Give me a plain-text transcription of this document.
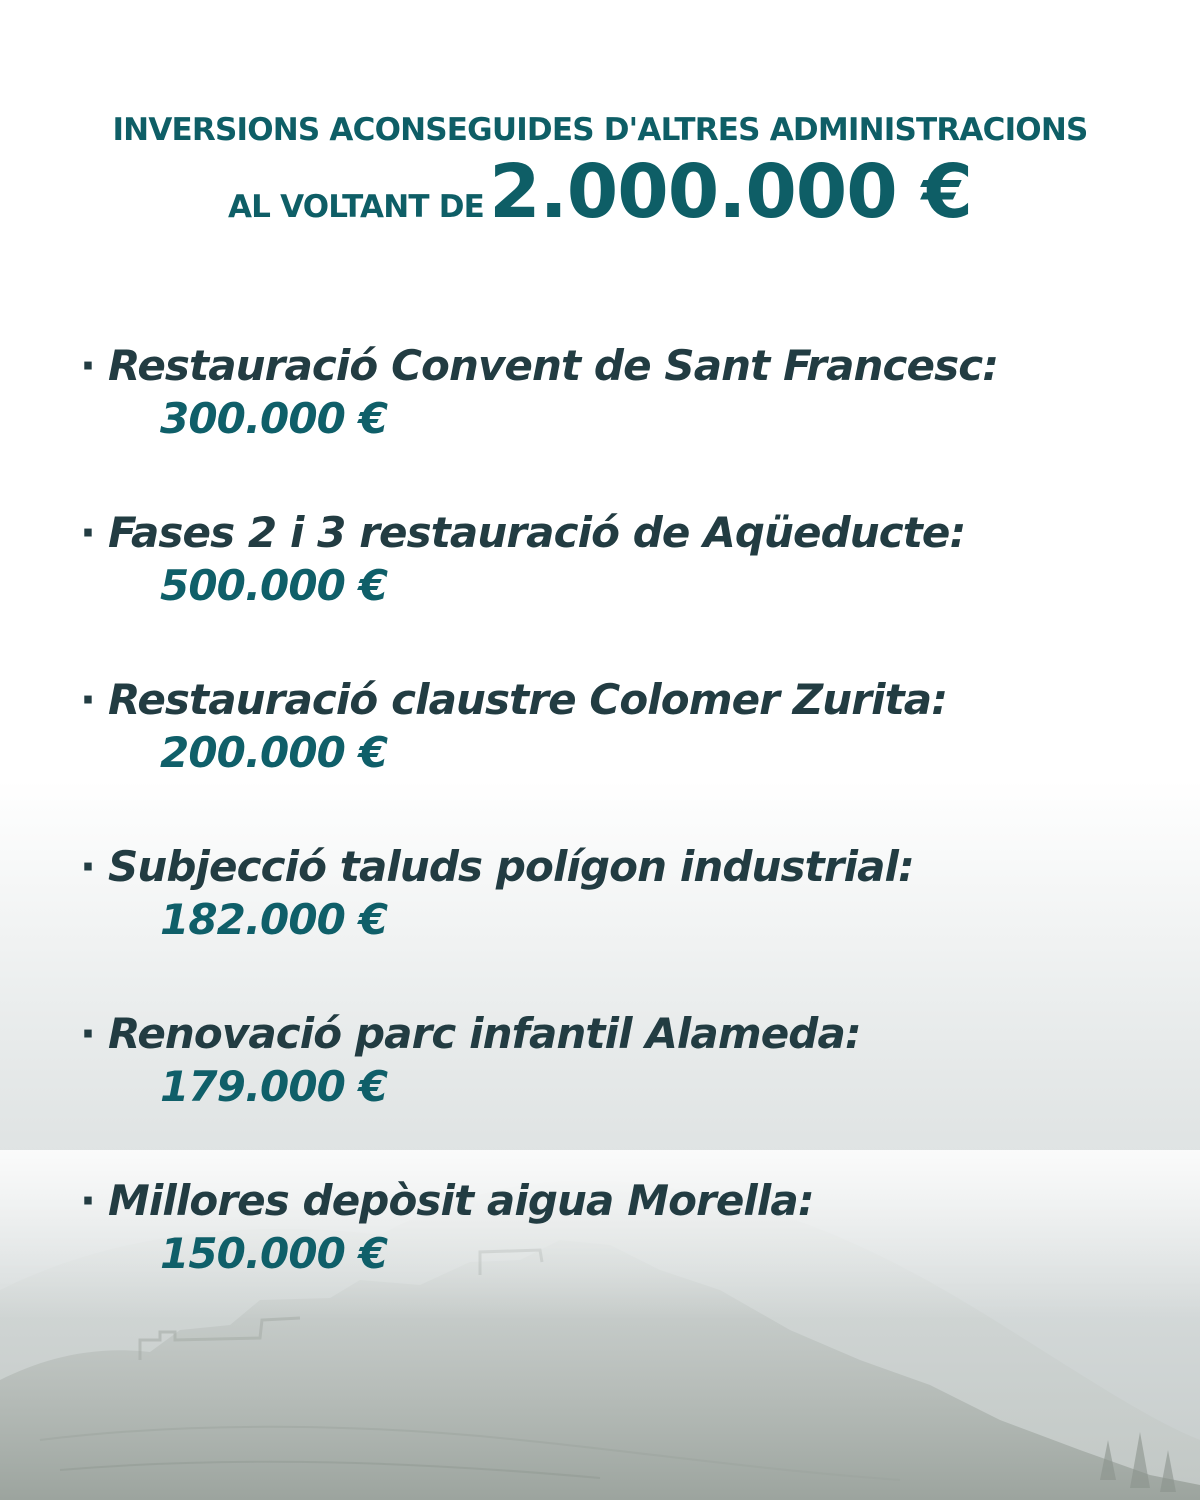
INVERSIONS ACONSEGUIDES D'ALTRES ADMINISTRACIONS
AL VOLTANT DE 2.000.000 €
· Restauració Convent de Sant Francesc:
300.000 €
· Fases 2 i 3 restauració de Aqüeducte:
500.000 €
· Restauració claustre Colomer Zurita:
200.000 €
· Subjecció taluds polígon industrial:
182.000 €
· Renovació parc infantil Alameda:
179.000 €
· Millores depòsit aigua Morella:
150.000 €
